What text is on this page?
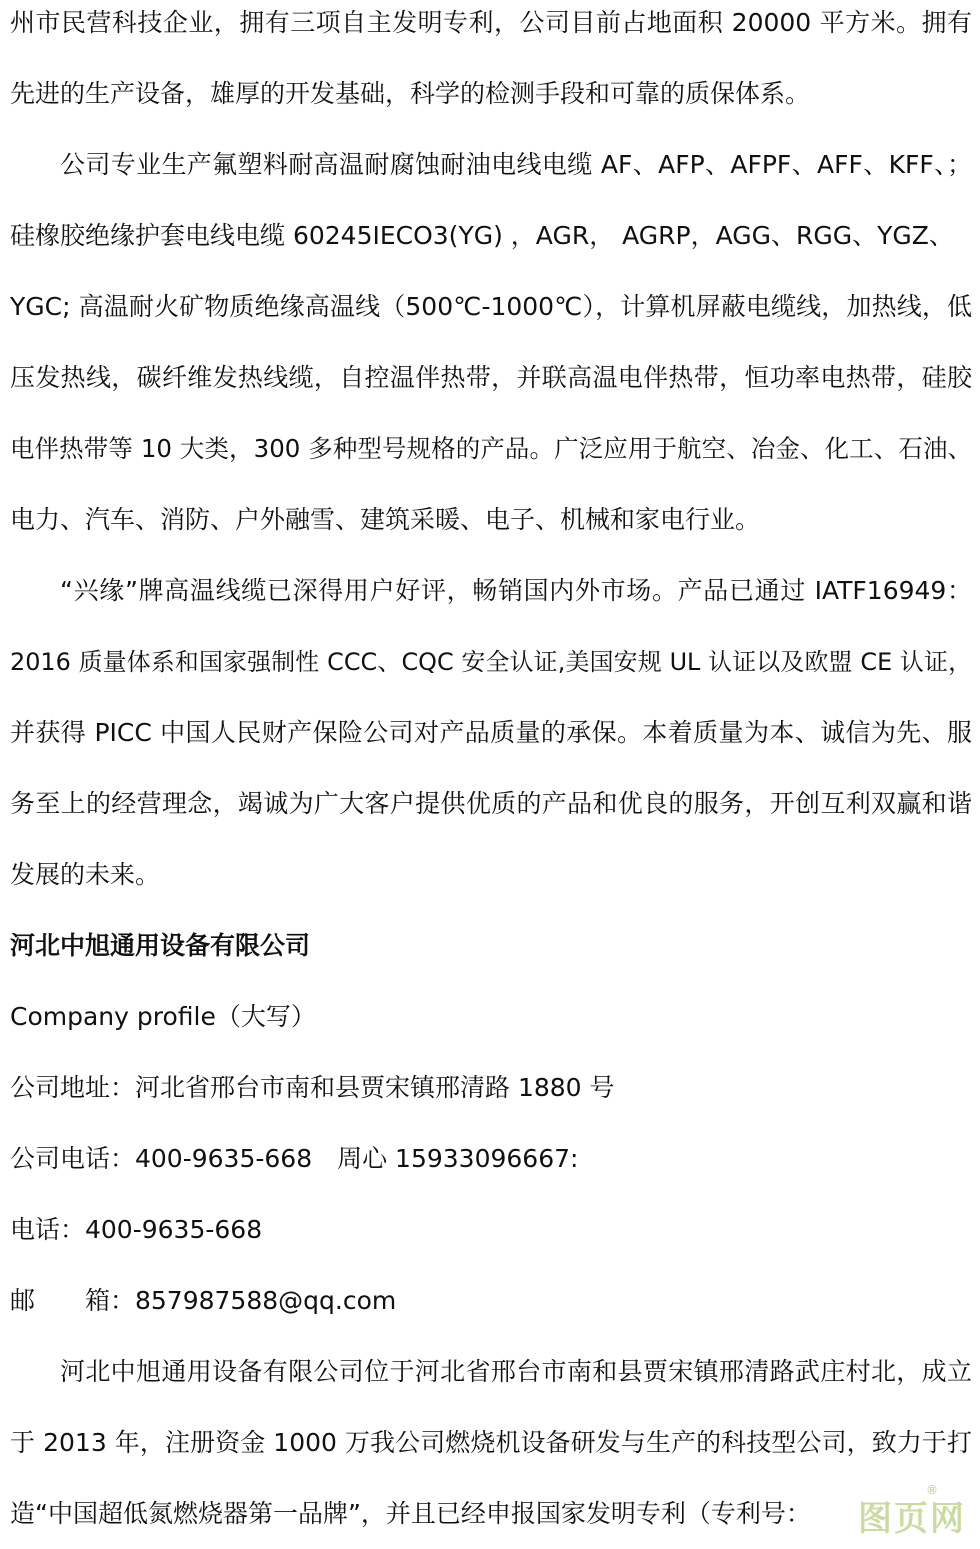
州市民营科技企业，拥有三项自主发明专利，公司目前占地面积 20000 平方米。拥有
先进的生产设备，雄厚的开发基础，科学的检测手段和可靠的质保体系。
公司专业生产氟塑料耐高温耐腐蚀耐油电线电缆 AF、AFP、AFPF、AFF、KFF、；
硅橡胶绝缘护套电线电缆 60245IECO3(YG) ，AGR， AGRP，AGG、RGG、YGZ、
YGC; 高温耐火矿物质绝缘高温线（500℃-1000℃），计算机屏蔽电缆线，加热线，低
压发热线，碳纤维发热线缆，自控温伴热带，并联高温电伴热带，恒功率电热带，硅胶
电伴热带等 10 大类，300 多种型号规格的产品。广泛应用于航空、冶金、化工、石油、
电力、汽车、消防、户外融雪、建筑采暖、电子、机械和家电行业。
“兴缘”牌高温线缆已深得用户好评，畅销国内外市场。产品已通过 IATF16949：
2016 质量体系和国家强制性 CCC、CQC 安全认证,美国安规 UL 认证以及欧盟 CE 认证，
并获得 PICC 中国人民财产保险公司对产品质量的承保。本着质量为本、诚信为先、服
务至上的经营理念，竭诚为广大客户提供优质的产品和优良的服务，开创互利双赢和谐
发展的未来。
河北中旭通用设备有限公司
Company profile（大写）
公司地址：河北省邢台市南和县贾宋镇邢清路 1880 号
公司电话：400-9635-668　周心 15933096667:
电话：400-9635-668
邮　　箱：857987588@qq.com
河北中旭通用设备有限公司位于河北省邢台市南和县贾宋镇邢清路武庄村北，成立
于 2013 年，注册资金 1000 万我公司燃烧机设备研发与生产的科技型公司，致力于打
造“中国超低氮燃烧器第一品牌”，并且已经申报国家发明专利（专利号：
®
图页网
